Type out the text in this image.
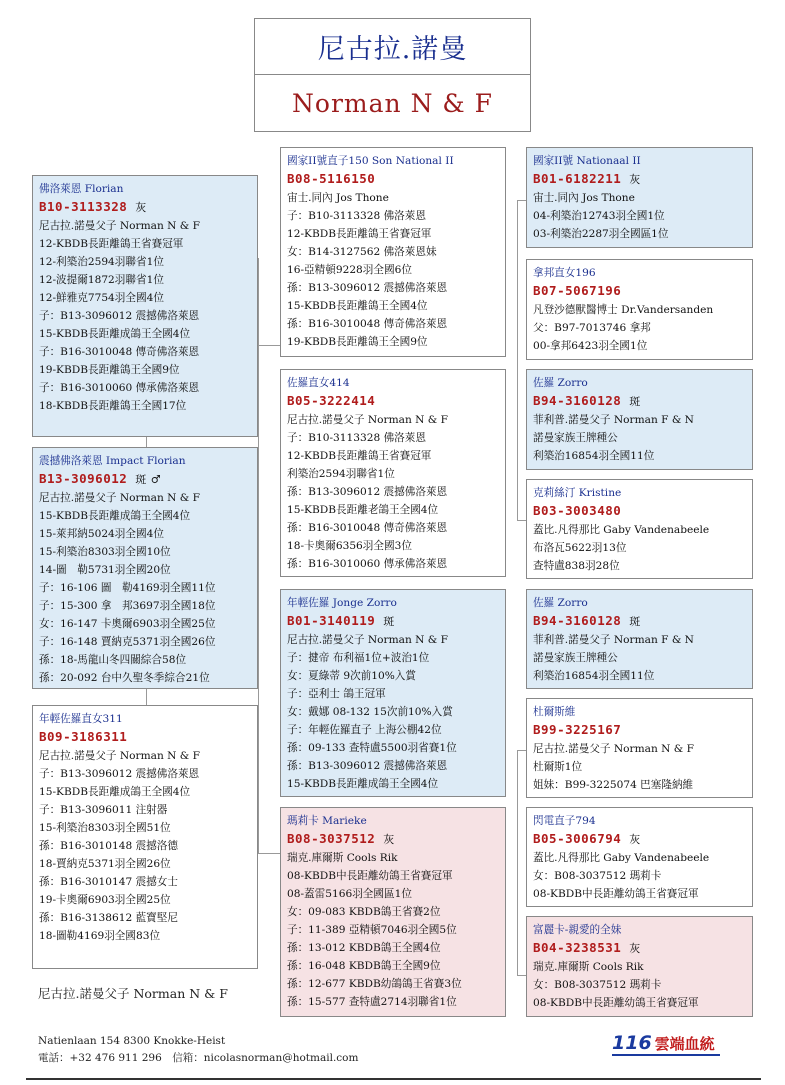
尼古拉.諾曼
Norman N & F
佛洛萊恩 Florian
B10-3113328 灰
尼古拉.諾曼父子 Norman N & F
12-KBDB長距離鴿王省賽冠軍
12-利築治2594羽聯省1位
12-波提爾1872羽聯省1位
12-鮮雅克7754羽全國4位
子：B13-3096012 震撼佛洛萊恩
15-KBDB長距離成鴿王全國4位
子：B16-3010048 傳奇佛洛萊恩
19-KBDB長距離鴿王全國9位
子：B16-3010060 傳承佛洛萊恩
18-KBDB長距離鴿王全國17位
震撼佛洛萊恩 Impact Florian
B13-3096012 斑 ♂
尼古拉.諾曼父子 Norman N & F
15-KBDB長距離成鴿王全國4位
15-萊邦納5024羽全國4位
15-利築治8303羽全國10位
14-圖　勒5731羽全國20位
子：16-106 圖　勒4169羽全國11位
子：15-300 拿　邦3697羽全國18位
女：16-147 卡奧爾6903羽全國25位
子：16-148 賈納克5371羽全國26位
孫：18-馬龍山冬四關綜合58位
孫：20-092 台中久聖冬季綜合21位
年輕佐羅直女311
B09-3186311
尼古拉.諾曼父子 Norman N & F
子：B13-3096012 震撼佛洛萊恩
15-KBDB長距離成鴿王全國4位
子：B13-3096011 注射器
15-利築治8303羽全國51位
孫：B16-3010148 震撼洛德
18-賈納克5371羽全國26位
孫：B16-3010147 震撼女士
19-卡奧爾6903羽全國25位
孫：B16-3138612 藍寶堅尼
18-圖勒4169羽全國83位
國家II號直子150 Son National II
B08-5116150
宙士.同內 Jos Thone
子：B10-3113328 佛洛萊恩
12-KBDB長距離鴿王省賽冠軍
女：B14-3127562 佛洛萊恩妹
16-亞精頓9228羽全國6位
孫：B13-3096012 震撼佛洛萊恩
15-KBDB長距離鴿王全國4位
孫：B16-3010048 傳奇佛洛萊恩
19-KBDB長距離鴿王全國9位
佐羅直女414
B05-3222414
尼古拉.諾曼父子 Norman N & F
子：B10-3113328 佛洛萊恩
12-KBDB長距離鴿王省賽冠軍
利築治2594羽聯省1位
孫：B13-3096012 震撼佛洛萊恩
15-KBDB長距離老鴿王全國4位
孫：B16-3010048 傳奇佛洛萊恩
18-卡奧爾6356羽全國3位
孫：B16-3010060 傳承佛洛萊恩
年輕佐羅 Jonge Zorro
B01-3140119 斑
尼古拉.諾曼父子 Norman N & F
子：揵帝 布利福1位+波治1位
女：夏綠蒂 9次前10%入賞
子：亞利士 鴿王冠軍
女：戴娜 08-132 15次前10%入賞
子：年輕佐羅直子 上海公棚42位
孫：09-133 查特盧5500羽省賽1位
孫：B13-3096012 震撼佛洛萊恩
15-KBDB長距離成鴿王全國4位
瑪莉卡 Marieke
B08-3037512 灰
瑞克.庫爾斯 Cools Rik
08-KBDB中長距離幼鴿王省賽冠軍
08-蓋雷5166羽全國區1位
女：09-083 KBDB鴿王省賽2位
子：11-389 亞精頓7046羽全國5位
孫：13-012 KBDB鴿王全國4位
孫：16-048 KBDB鴿王全國9位
孫：12-677 KBDB幼鴿鴿王省賽3位
孫：15-577 查特盧2714羽聯省1位
國家II號 Nationaal II
B01-6182211 灰
宙士.同內 Jos Thone
04-利築治12743羽全國1位
03-利築治2287羽全國區1位
拿邦直女196
B07-5067196
凡登沙德獸醫博士 Dr.Vandersanden
父：B97-7013746 拿邦
00-拿邦6423羽全國1位
佐羅 Zorro
B94-3160128 斑
菲利普.諾曼父子 Norman F & N
諾曼家族王牌種公
利築治16854羽全國11位
克莉絲汀 Kristine
B03-3003480
蓋比.凡得那比 Gaby Vandenabeele
布洛瓦5622羽13位
查特盧838羽28位
佐羅 Zorro
B94-3160128 斑
菲利普.諾曼父子 Norman F & N
諾曼家族王牌種公
利築治16854羽全國11位
杜爾斯維
B99-3225167
尼古拉.諾曼父子 Norman N & F
杜爾斯1位
姐妹：B99-3225074 巴塞隆納維
閃電直子794
B05-3006794 灰
蓋比.凡得那比 Gaby Vandenabeele
女：B08-3037512 瑪莉卡
08-KBDB中長距離幼鴿王省賽冠軍
富麗卡-親愛的全妹
B04-3238531 灰
瑞克.庫爾斯 Cools Rik
女：B08-3037512 瑪莉卡
08-KBDB中長距離幼鴿王省賽冠軍
尼古拉.諾曼父子 Norman N & F
Natienlaan 154 8300 Knokke-Heist
電話：+32 476 911 296　信箱：nicolasnorman@hotmail.com
116 雲端血統
